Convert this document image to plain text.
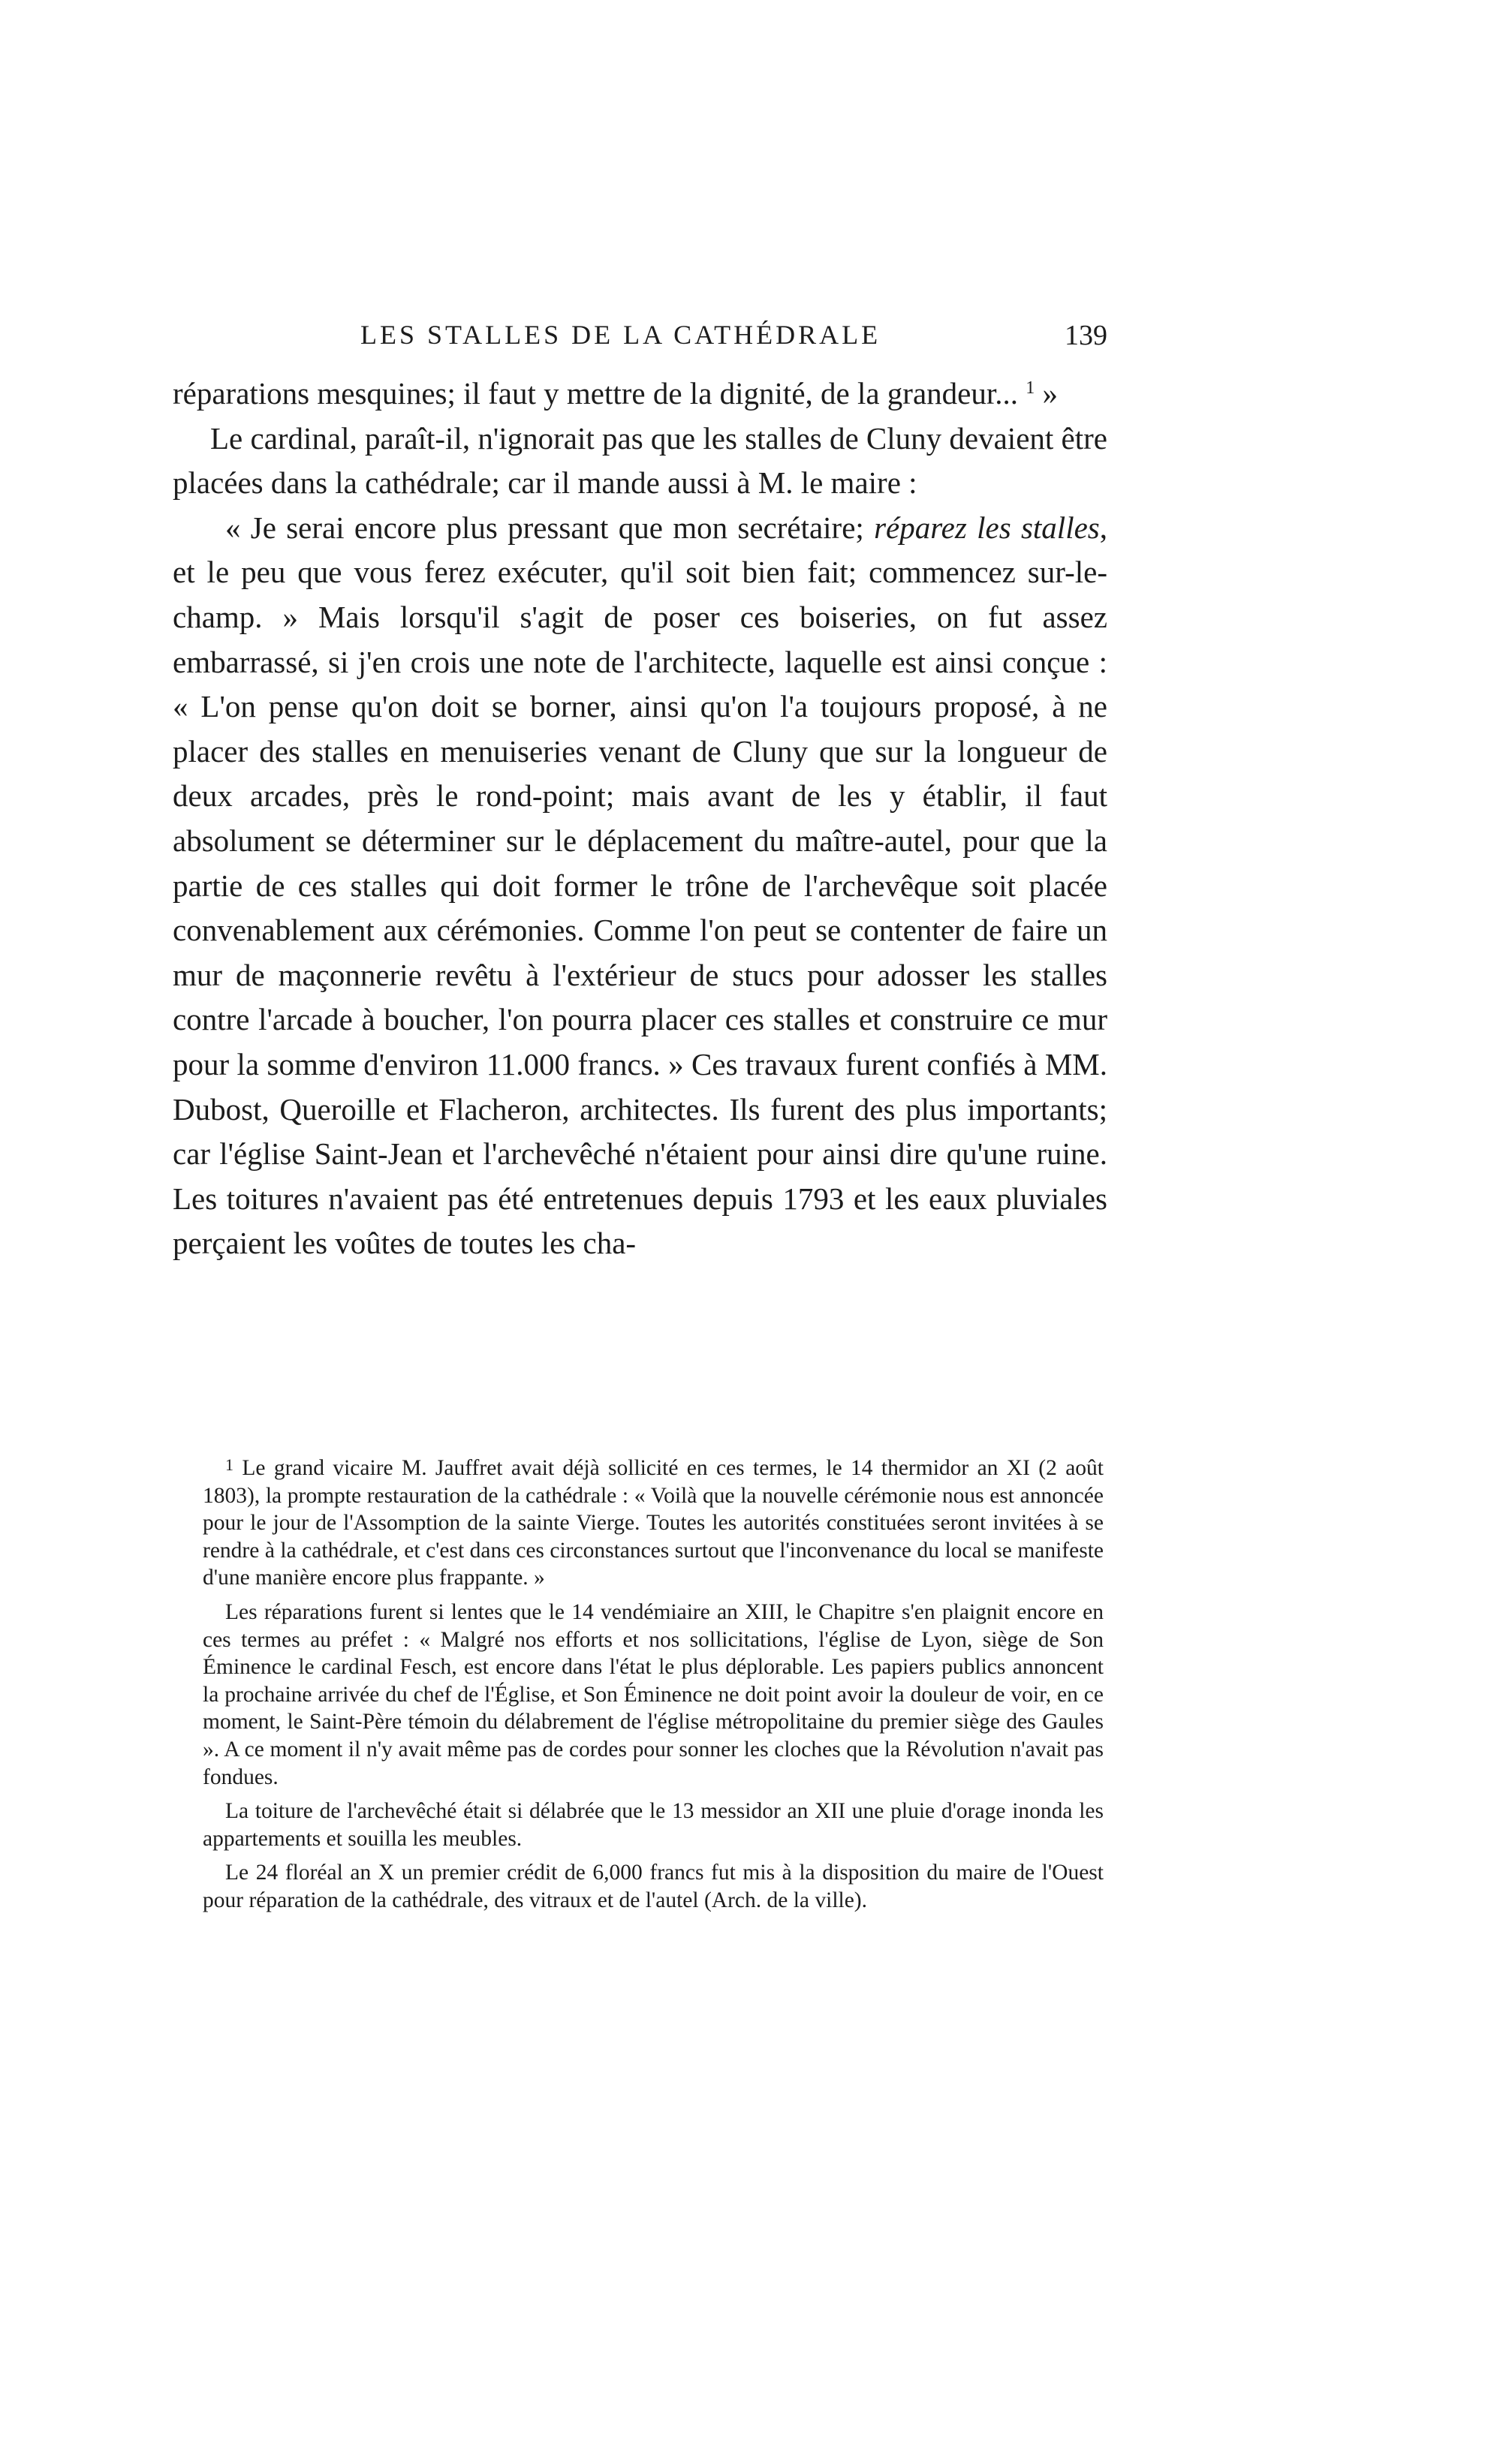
LES STALLES DE LA CATHÉDRALE	139

réparations mesquines; il faut y mettre de la dignité, de la grandeur... $^1$ »

Le cardinal, paraît-il, n'ignorait pas que les stalles de Cluny devaient être placées dans la cathédrale; car il mande aussi à M. le maire :

« Je serai encore plus pressant que mon secrétaire; réparez les stalles, et le peu que vous ferez exécuter, qu'il soit bien fait; commencez sur-le-champ. » Mais lorsqu'il s'agit de poser ces boiseries, on fut assez embarrassé, si j'en crois une note de l'architecte, laquelle est ainsi conçue : « L'on pense qu'on doit se borner, ainsi qu'on l'a toujours proposé, à ne placer des stalles en menuiseries venant de Cluny que sur la longueur de deux arcades, près le rond-point; mais avant de les y établir, il faut absolument se déterminer sur le déplacement du maître-autel, pour que la partie de ces stalles qui doit former le trône de l'archevêque soit placée convenablement aux cérémonies. Comme l'on peut se contenter de faire un mur de maçonnerie revêtu à l'extérieur de stucs pour adosser les stalles contre l'arcade à boucher, l'on pourra placer ces stalles et construire ce mur pour la somme d'environ 11.000 francs. » Ces travaux furent confiés à MM. Dubost, Queroille et Flacheron, architectes. Ils furent des plus importants; car l'église Saint-Jean et l'archevêché n'étaient pour ainsi dire qu'une ruine. Les toitures n'avaient pas été entretenues depuis 1793 et les eaux pluviales perçaient les voûtes de toutes les cha-

$^1$ Le grand vicaire M. Jauffret avait déjà sollicité en ces termes, le 14 thermidor an XI (2 août 1803), la prompte restauration de la cathédrale : « Voilà que la nouvelle cérémonie nous est annoncée pour le jour de l'Assomption de la sainte Vierge. Toutes les autorités constituées seront invitées à se rendre à la cathédrale, et c'est dans ces circonstances surtout que l'inconvenance du local se manifeste d'une manière encore plus frappante. »

Les réparations furent si lentes que le 14 vendémiaire an XIII, le Chapitre s'en plaignit encore en ces termes au préfet : « Malgré nos efforts et nos sollicitations, l'église de Lyon, siège de Son Éminence le cardinal Fesch, est encore dans l'état le plus déplorable. Les papiers publics annoncent la prochaine arrivée du chef de l'Église, et Son Éminence ne doit point avoir la douleur de voir, en ce moment, le Saint-Père témoin du délabrement de l'église métropolitaine du premier siège des Gaules ». A ce moment il n'y avait même pas de cordes pour sonner les cloches que la Révolution n'avait pas fondues.

La toiture de l'archevêché était si délabrée que le 13 messidor an XII une pluie d'orage inonda les appartements et souilla les meubles.

Le 24 floréal an X un premier crédit de 6,000 francs fut mis à la disposition du maire de l'Ouest pour réparation de la cathédrale, des vitraux et de l'autel (Arch. de la ville).
